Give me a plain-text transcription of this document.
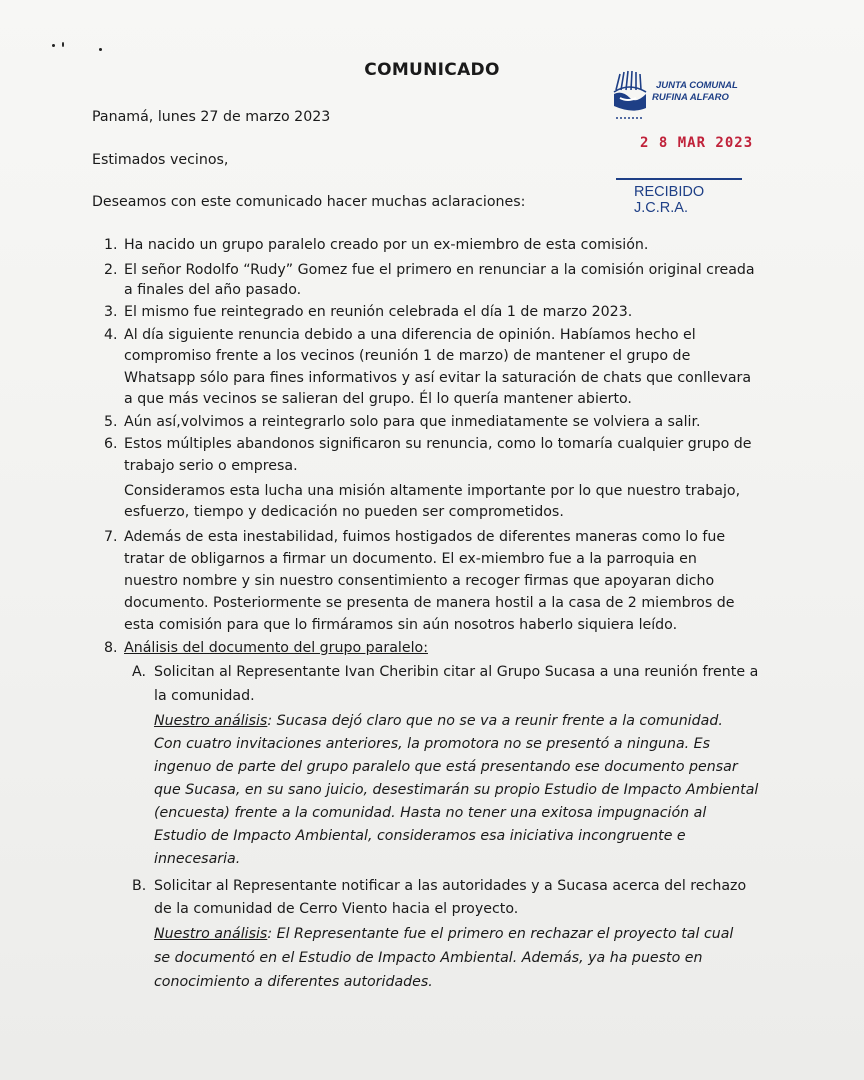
COMUNICADO
Panamá, lunes 27 de marzo 2023
Estimados vecinos,
Deseamos con este comunicado hacer muchas aclaraciones:
JUNTA COMUNAL
RUFINA ALFARO
2 8 MAR 2023
RECIBIDO
J.C.R.A.
1. Ha nacido un grupo paralelo creado por un ex-miembro de esta comisión.
2. El señor Rodolfo “Rudy” Gomez fue el primero en renunciar a la comisión original creada
a finales del año pasado.
3. El mismo fue reintegrado en reunión celebrada el día 1 de marzo 2023.
4. Al día siguiente renuncia debido a una diferencia de opinión. Habíamos hecho el
compromiso frente a los vecinos (reunión 1 de marzo) de mantener el grupo de
Whatsapp sólo para fines informativos y así evitar la saturación de chats que conllevara
a que más vecinos se salieran del grupo. Él lo quería mantener abierto.
5. Aún así,volvimos a reintegrarlo solo para que inmediatamente se volviera a salir.
6. Estos múltiples abandonos significaron su renuncia, como lo tomaría cualquier grupo de
trabajo serio o empresa.
Consideramos esta lucha una misión altamente importante por lo que nuestro trabajo,
esfuerzo, tiempo y dedicación no pueden ser comprometidos.
7. Además de esta inestabilidad, fuimos hostigados de diferentes maneras como lo fue
tratar de obligarnos a firmar un documento. El ex-miembro fue a la parroquia en
nuestro nombre y sin nuestro consentimiento a recoger firmas que apoyaran dicho
documento. Posteriormente se presenta de manera hostil a la casa de 2 miembros de
esta comisión para que lo firmáramos sin aún nosotros haberlo siquiera leído.
8. Análisis del documento del grupo paralelo:
A. Solicitan al Representante Ivan Cheribin citar al Grupo Sucasa a una reunión frente a
la comunidad.
Nuestro análisis: Sucasa dejó claro que no se va a reunir frente a la comunidad.
Con cuatro invitaciones anteriores, la promotora no se presentó a ninguna. Es
ingenuo de parte del grupo paralelo que está presentando ese documento pensar
que Sucasa, en su sano juicio, desestimarán su propio Estudio de Impacto Ambiental
(encuesta) frente a la comunidad. Hasta no tener una exitosa impugnación al
Estudio de Impacto Ambiental, consideramos esa iniciativa incongruente e
innecesaria.
B. Solicitar al Representante notificar a las autoridades y a Sucasa acerca del rechazo
de la comunidad de Cerro Viento hacia el proyecto.
Nuestro análisis: El Representante fue el primero en rechazar el proyecto tal cual
se documentó en el Estudio de Impacto Ambiental. Además, ya ha puesto en
conocimiento a diferentes autoridades.
